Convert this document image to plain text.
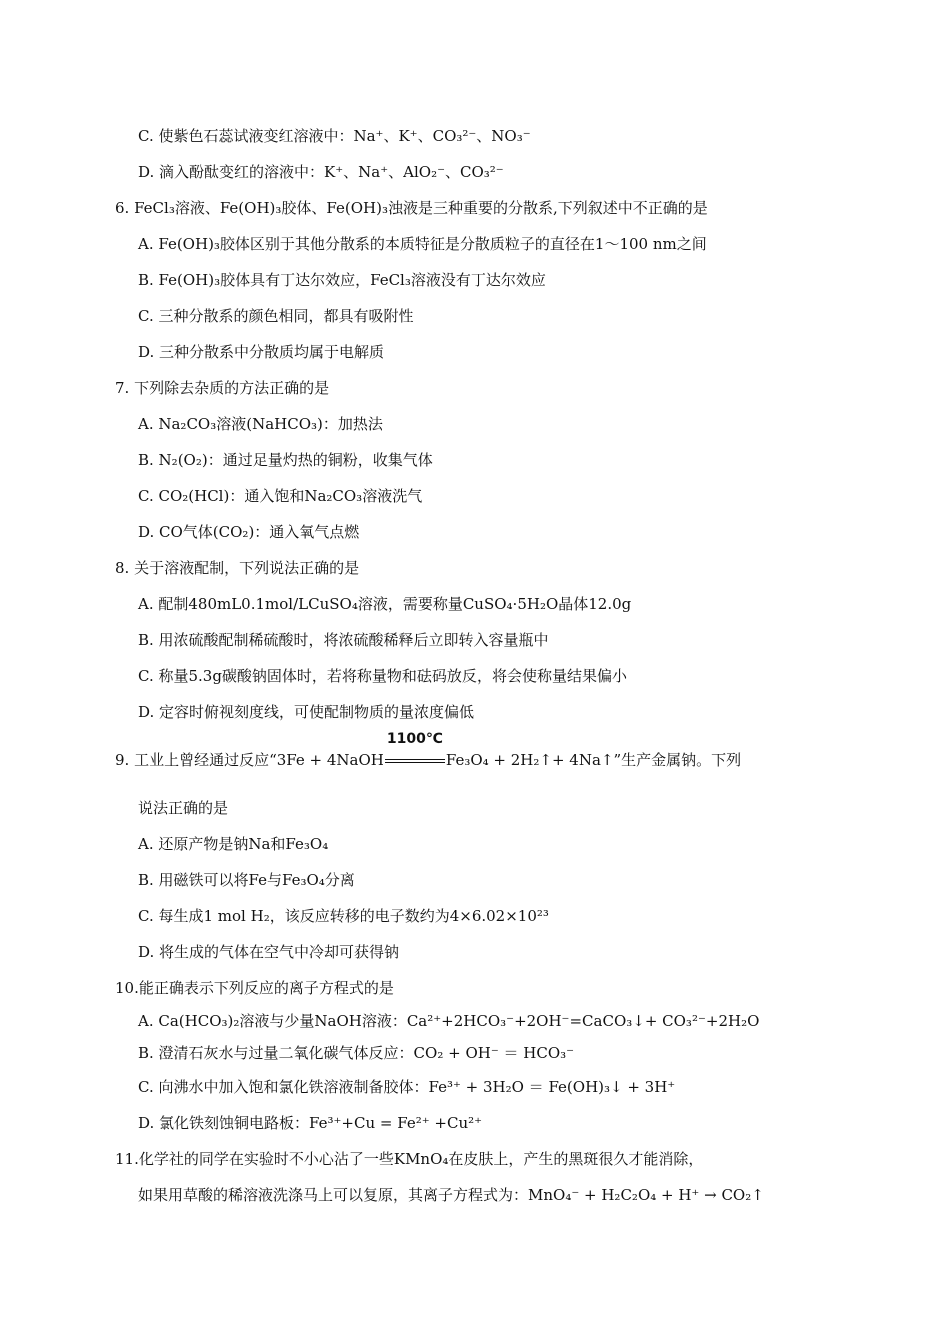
C. 使紫色石蕊试液变红溶液中：Na⁺、K⁺、CO₃²⁻、NO₃⁻
D. 滴入酚酞变红的溶液中：K⁺、Na⁺、AlO₂⁻、CO₃²⁻
6. FeCl₃溶液、Fe(OH)₃胶体、Fe(OH)₃浊液是三种重要的分散系,下列叙述中不正确的是
A. Fe(OH)₃胶体区别于其他分散系的本质特征是分散质粒子的直径在1～100 nm之间
B. Fe(OH)₃胶体具有丁达尔效应，FeCl₃溶液没有丁达尔效应
C. 三种分散系的颜色相同，都具有吸附性
D. 三种分散系中分散质均属于电解质
7. 下列除去杂质的方法正确的是
A. Na₂CO₃溶液(NaHCO₃)：加热法
B. N₂(O₂)：通过足量灼热的铜粉，收集气体
C. CO₂(HCl)：通入饱和Na₂CO₃溶液洗气
D. CO气体(CO₂)：通入氧气点燃
8. 关于溶液配制，下列说法正确的是
A. 配制480mL0.1mol/LCuSO₄溶液，需要称量CuSO₄·5H₂O晶体12.0g
B. 用浓硫酸配制稀硫酸时，将浓硫酸稀释后立即转入容量瓶中
C. 称量5.3g碳酸钠固体时，若将称量物和砝码放反，将会使称量结果偏小
D. 定容时俯视刻度线，可使配制物质的量浓度偏低
9. 工业上曾经通过反应“3Fe + 4NaOH
1100℃
Fe₃O₄ + 2H₂↑+ 4Na↑”生产金属钠。下列
说法正确的是
A. 还原产物是钠Na和Fe₃O₄
B. 用磁铁可以将Fe与Fe₃O₄分离
C. 每生成1 mol H₂，该反应转移的电子数约为4×6.02×10²³
D. 将生成的气体在空气中冷却可获得钠
10.能正确表示下列反应的离子方程式的是
A. Ca(HCO₃)₂溶液与少量NaOH溶液：Ca²⁺+2HCO₃⁻+2OH⁻=CaCO₃↓+ CO₃²⁻+2H₂O
B. 澄清石灰水与过量二氧化碳气体反应：CO₂ + OH⁻ ＝ HCO₃⁻
C. 向沸水中加入饱和氯化铁溶液制备胶体：Fe³⁺ + 3H₂O ＝ Fe(OH)₃↓ + 3H⁺
D. 氯化铁刻蚀铜电路板：Fe³⁺+Cu = Fe²⁺ +Cu²⁺
11.化学社的同学在实验时不小心沾了一些KMnO₄在皮肤上，产生的黑斑很久才能消除，
如果用草酸的稀溶液洗涤马上可以复原，其离子方程式为：MnO₄⁻ + H₂C₂O₄ + H⁺ → CO₂↑
